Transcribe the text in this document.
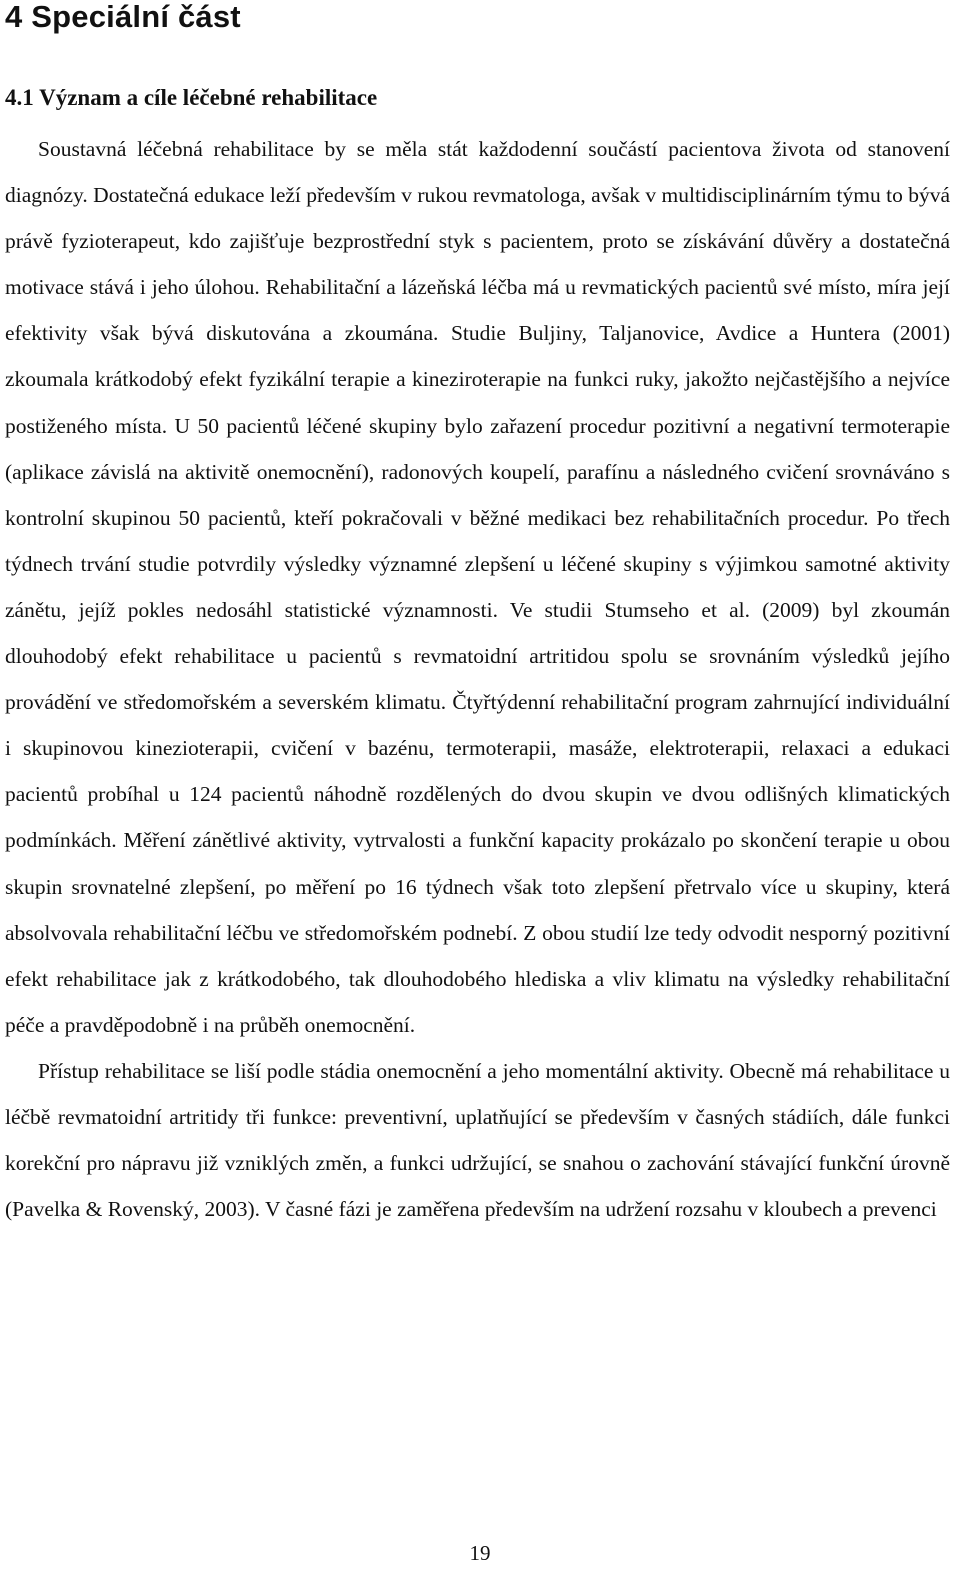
4 Speciální část
4.1 Význam a cíle léčebné rehabilitace

Soustavná léčebná rehabilitace by se měla stát každodenní součástí pacientova života od stanovení diagnózy. Dostatečná edukace leží především v rukou revmatologa, avšak v multidisciplinárním týmu to bývá právě fyzioterapeut, kdo zajišťuje bezprostřední styk s pacientem, proto se získávání důvěry a dostatečná motivace stává i jeho úlohou. Rehabilitační a lázeňská léčba má u revmatických pacientů své místo, míra její efektivity však bývá diskutována a zkoumána. Studie Buljiny, Taljanovice, Avdice a Huntera (2001) zkoumala krátkodobý efekt fyzikální terapie a kineziroterapie na funkci ruky, jakožto nejčastějšího a nejvíce postiženého místa. U 50 pacientů léčené skupiny bylo zařazení procedur pozitivní a negativní termoterapie (aplikace závislá na aktivitě onemocnění), radonových koupelí, parafínu a následného cvičení srovnáváno s kontrolní skupinou 50 pacientů, kteří pokračovali v běžné medikaci bez rehabilitačních procedur. Po třech týdnech trvání studie potvrdily výsledky významné zlepšení u léčené skupiny s výjimkou samotné aktivity zánětu, jejíž pokles nedosáhl statistické významnosti. Ve studii Stumseho et al. (2009) byl zkoumán dlouhodobý efekt rehabilitace u pacientů s revmatoidní artritidou spolu se srovnáním výsledků jejího provádění ve středomořském a severském klimatu. Čtyřtýdenní rehabilitační program zahrnující individuální i skupinovou kinezioterapii, cvičení v bazénu, termoterapii, masáže, elektroterapii, relaxaci a edukaci pacientů probíhal u 124 pacientů náhodně rozdělených do dvou skupin ve dvou odlišných klimatických podmínkách. Měření zánětlivé aktivity, vytrvalosti a funkční kapacity prokázalo po skončení terapie u obou skupin srovnatelné zlepšení, po měření po 16 týdnech však toto zlepšení přetrvalo více u skupiny, která absolvovala rehabilitační léčbu ve středomořském podnebí. Z obou studií lze tedy odvodit nesporný pozitivní efekt rehabilitace jak z krátkodobého, tak dlouhodobého hlediska a vliv klimatu na výsledky rehabilitační péče a pravděpodobně i na průběh onemocnění.

Přístup rehabilitace se liší podle stádia onemocnění a jeho momentální aktivity. Obecně má rehabilitace u léčbě revmatoidní artritidy tři funkce: preventivní, uplatňující se především v časných stádiích, dále funkci korekční pro nápravu již vzniklých změn, a funkci udržující, se snahou o zachování stávající funkční úrovně (Pavelka & Rovenský, 2003). V časné fázi je zaměřena především na udržení rozsahu v kloubech a prevenci

19
